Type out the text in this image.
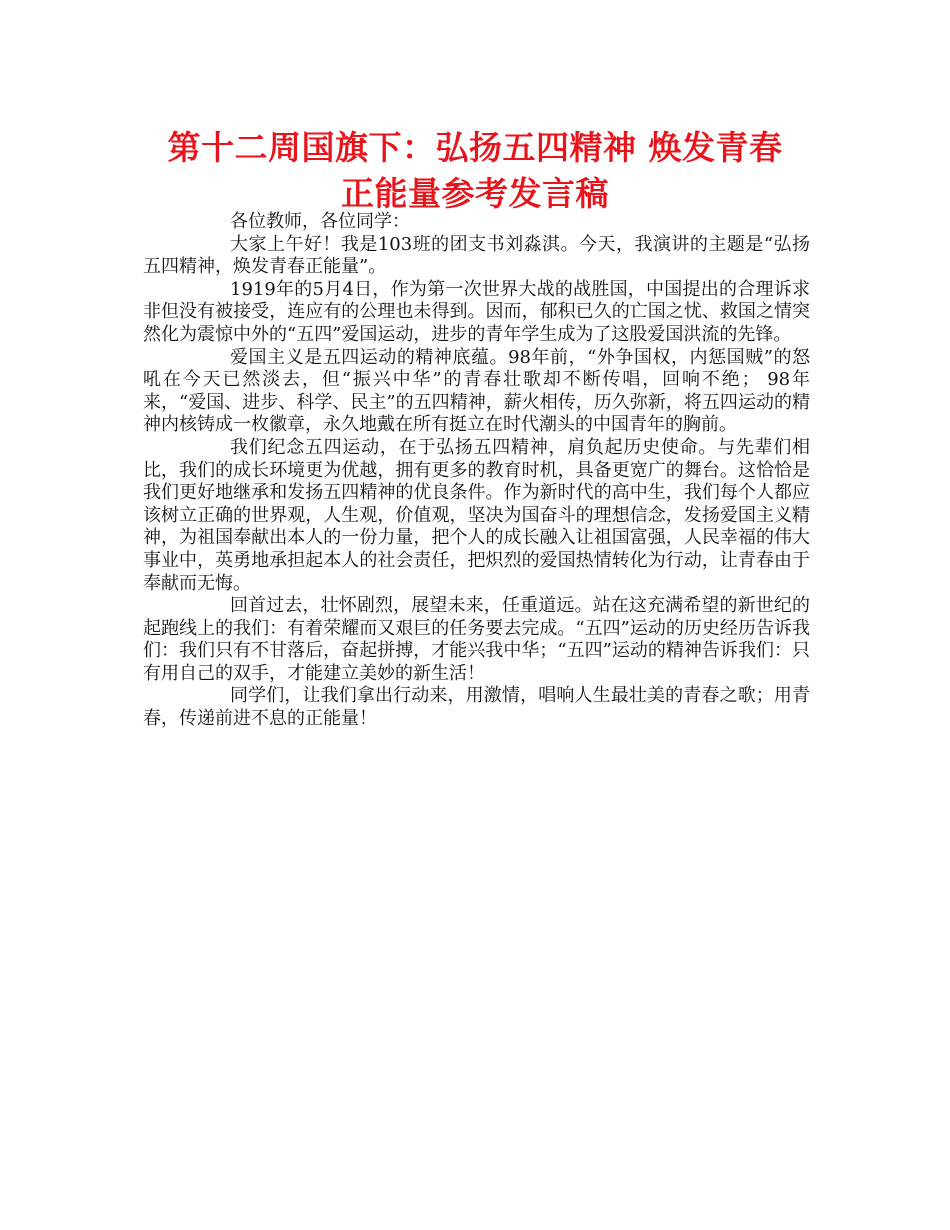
第十二周国旗下：弘扬五四精神 焕发青春
正能量参考发言稿

各位教师，各位同学：

大家上午好！我是103班的团支书刘淼淇。今天，我演讲的主题是“弘扬五四精神，焕发青春正能量”。

1919年的5月4日，作为第一次世界大战的战胜国，中国提出的合理诉求非但没有被接受，连应有的公理也未得到。因而，郁积已久的亡国之忧、救国之情突然化为震惊中外的“五四”爱国运动，进步的青年学生成为了这股爱国洪流的先锋。

爱国主义是五四运动的精神底蕴。98年前，“外争国权，内惩国贼”的怒吼在今天已然淡去，但“振兴中华”的青春壮歌却不断传唱，回响不绝； 98年来，“爱国、进步、科学、民主”的五四精神，薪火相传，历久弥新，将五四运动的精神内核铸成一枚徽章，永久地戴在所有挺立在时代潮头的中国青年的胸前。

我们纪念五四运动，在于弘扬五四精神，肩负起历史使命。与先辈们相比，我们的成长环境更为优越，拥有更多的教育时机，具备更宽广的舞台。这恰恰是我们更好地继承和发扬五四精神的优良条件。作为新时代的高中生，我们每个人都应该树立正确的世界观，人生观，价值观，坚决为国奋斗的理想信念，发扬爱国主义精神，为祖国奉献出本人的一份力量，把个人的成长融入让祖国富强，人民幸福的伟大事业中，英勇地承担起本人的社会责任，把炽烈的爱国热情转化为行动，让青春由于奉献而无悔。

回首过去，壮怀剧烈，展望未来，任重道远。站在这充满希望的新世纪的起跑线上的我们：有着荣耀而又艰巨的任务要去完成。“五四”运动的历史经历告诉我们：我们只有不甘落后，奋起拼搏，才能兴我中华；“五四”运动的精神告诉我们：只有用自己的双手，才能建立美妙的新生活！

同学们，让我们拿出行动来，用激情，唱响人生最壮美的青春之歌；用青春，传递前进不息的正能量！
